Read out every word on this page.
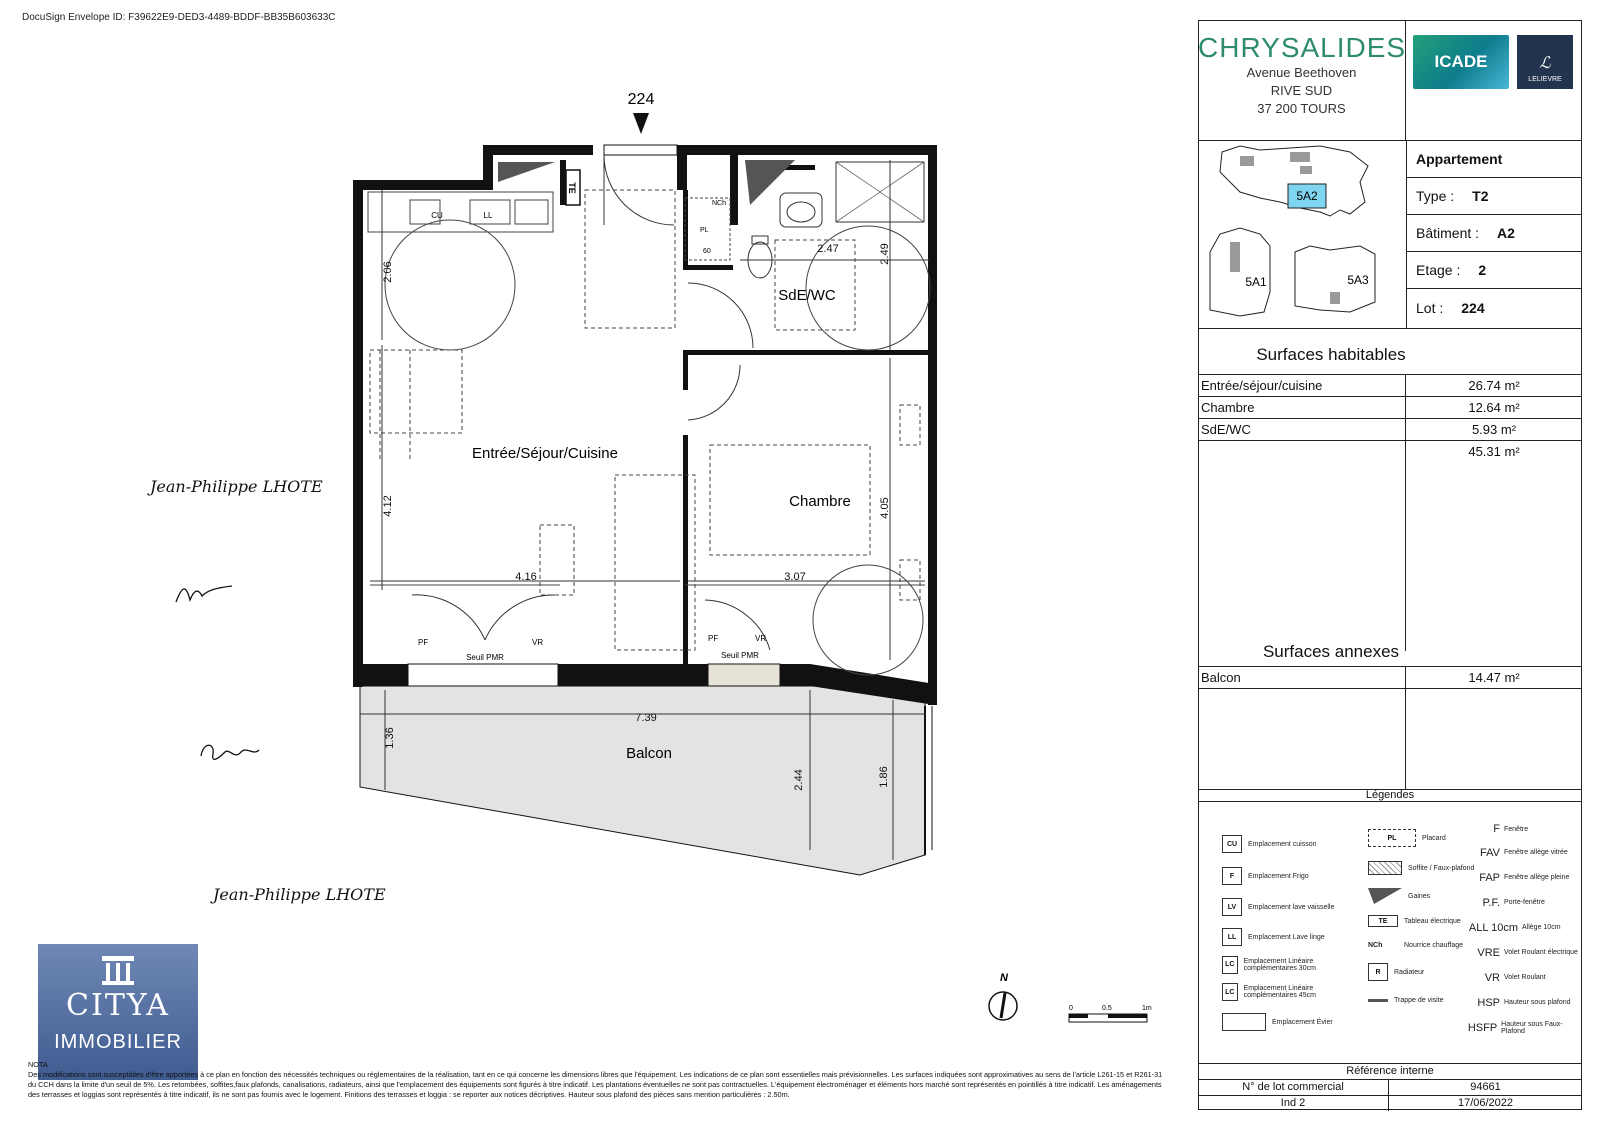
DocuSign Envelope ID: F39622E9-DED3-4489-BDDF-BB35B603633C
CU	LL
NCh
TE
PL
60
2.06
4.12
4.16	3.07
2.47	2.49
4.05
7.39
1.36
2.44	1.86
Entrée/Séjour/Cuisine
Chambre
SdE/WC
Balcon
PF	VR
Seuil PMR
PF	VR
Seuil PMR
224
N
0	0.5	1m
Jean-Philippe LHOTE
Jean-Philippe LHOTE
CITYA
IMMOBILIER
NOTA
Des modifications sont susceptibles d'être apportées à ce plan en fonction des nécessités techniques ou réglementaires de la réalisation, tant en ce qui concerne les dimensions libres que l'équipement. Les indications de ce plan sont essentielles mais prévisionnelles. Les surfaces indiquées sont approximatives au sens de l'article L261-15 et R261-31 du CCH dans la limite d'un seuil de 5%. Les retombées, soffites,faux plafonds, canalisations, radiateurs, ainsi que l'emplacement des équipements sont figurés à titre indicatif. Les plantations éventuelles ne sont pas contractuelles. L'équipement électroménager et éléments hors marché sont représentés en pointillés à titre indicatif. Les aménagements des terrasses et loggias sont représentés à titre indicatif, ils ne sont pas fournis avec le logement. Finitions des terrasses et loggia : se reporter aux notices décriptives. Hauteur sous plafond des pièces sans mention particulières : 2.50m.
CHRYSALIDES
Avenue Beethoven
RIVE SUD
37 200 TOURS
ICADE	ℒ
LELIEVRE
5A2
5A1	5A3
Appartement
Type : T2
Bâtiment : A2
Etage : 2
Lot : 224
Surfaces habitables
Entrée/séjour/cuisine	26.74 m²
Chambre	12.64 m²
SdE/WC	5.93 m²
45.31 m²
Surfaces annexes
Balcon	14.47 m²
Légendes
CU	Emplacement cuisson
F	Emplacement Frigo
LV	Emplacement lave vaisselle
LL	Emplacement Lave linge
LC	Emplacement Linéaire complémentaires 30cm
LC	Emplacement Linéaire complémentaires 45cm
Emplacement Évier
PL	Placard
Soffite / Faux-plafond
Gaines
TE	Tableau électrique
NCh	Nourrice chauffage
R	Radiateur
Trappe de visite
F Fenêtre
FAV Fenêtre allège vitrée
FAP Fenêtre allège pleine
P.F. Porte-fenêtre
ALL 10cm Allège 10cm
VRE Volet Roulant électrique
VR Volet Roulant
HSP Hauteur sous plafond
HSFP Hauteur sous Faux-Plafond
Référence interne
N° de lot commercial	94661
Ind 2	17/06/2022
